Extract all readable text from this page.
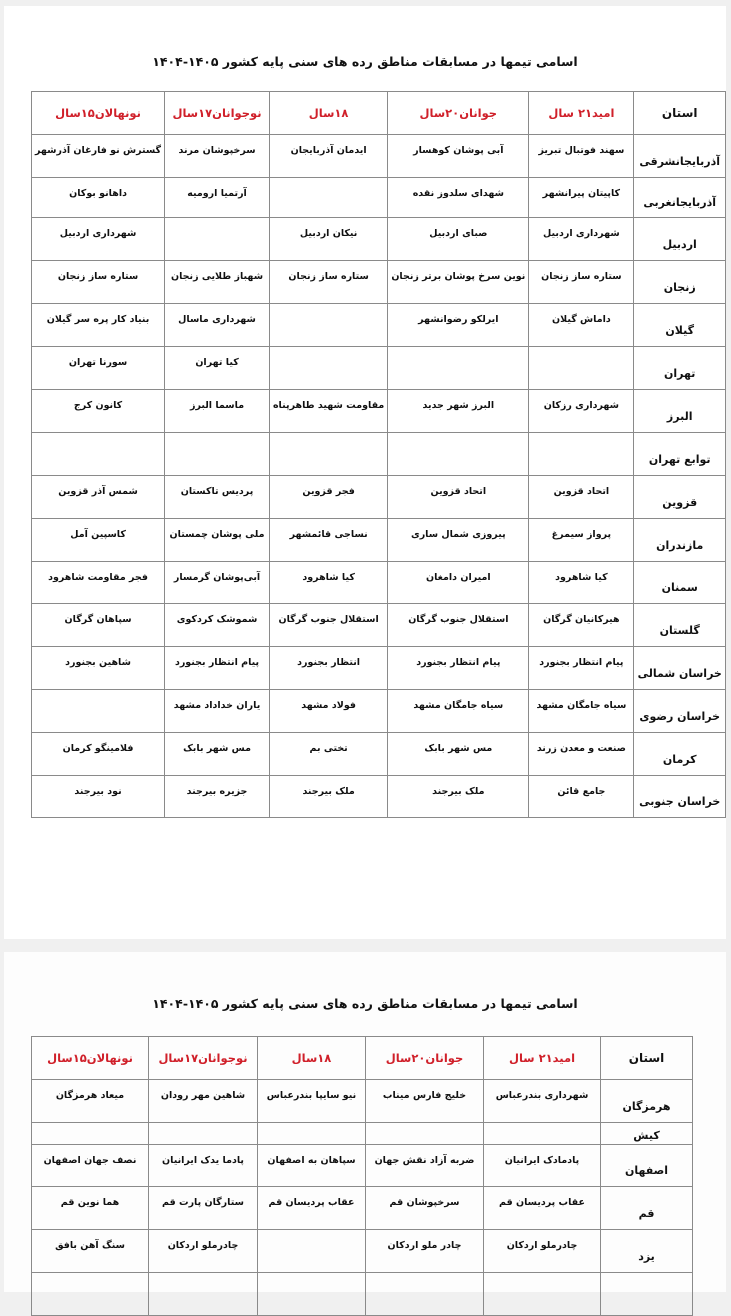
اسامی تیمها در مسابقات مناطق رده های سنی پایه کشور ۱۴۰۵-۱۴۰۴
استان	امید۲۱ سال	جوانان۲۰سال	۱۸سال	نوجوانان۱۷سال	نونهالان۱۵سال
آذربایجانشرقی	سهند فوتبال تبریز	آبی پوشان کوهسار	ایدمان آذربایجان	سرخپوشان مرند	گسترش نو فارغان آذرشهر
آذربایجانغربی	کاپیتان پیرانشهر	شهدای سلدوز نقده		آرتمیا ارومیه	داهانو بوکان
اردبیل	شهرداری اردبیل	صبای اردبیل	نیکان اردبیل		شهرداری اردبیل
زنجان	ستاره ساز زنجان	نوین سرخ پوشان برتر زنجان	ستاره ساز زنجان	شهباز طلایی زنجان	ستاره ساز زنجان
گیلان	داماش گیلان	ایرلکو رضوانشهر		شهرداری ماسال	بنیاد کار پره سر گیلان
تهران				کیا تهران	سورنا تهران
البرز	شهرداری رزکان	البرز شهر جدید	مقاومت شهید طاهرپناه	ماسما البرز	کانون کرج
توابع تهران					
قزوین	اتحاد قزوین	اتحاد قزوین	فجر قزوین	پردیس تاکستان	شمس آذر قزوین
مازندران	پرواز سیمرغ	پیروزی شمال ساری	نساجی قائمشهر	ملی پوشان چمستان	کاسپین آمل
سمنان	کیا شاهرود	امیران دامغان	کیا شاهرود	آبی‌پوشان گرمسار	فجر مقاومت شاهرود
گلستان	هیرکانیان گرگان	استقلال جنوب گرگان	استقلال جنوب گرگان	شموشک کردکوی	سپاهان گرگان
خراسان شمالی	پیام انتظار بجنورد	پیام انتظار بجنورد	انتظار بجنورد	پیام انتظار بجنورد	شاهین بجنورد
خراسان رضوی	سیاه جامگان مشهد	سیاه جامگان مشهد	فولاد مشهد	یاران خداداد مشهد	
کرمان	صنعت و معدن زرند	مس شهر بابک	تختی بم	مس شهر بابک	فلامینگو کرمان
خراسان جنوبی	جامع قائن	ملک بیرجند	ملک بیرجند	جزیره بیرجند	نود بیرجند
اسامی تیمها در مسابقات مناطق رده های سنی پایه کشور ۱۴۰۵-۱۴۰۴
استان	امید۲۱ سال	جوانان۲۰سال	۱۸سال	نوجوانان۱۷سال	نونهالان۱۵سال
هرمزگان	شهرداری بندرعباس	خلیج فارس میناب	نیو سایپا بندرعباس	شاهین مهر رودان	میعاد هرمزگان
کیش					
اصفهان	پادمادک ایرانیان	ضربه آزاد نقش جهان	سپاهان به اصفهان	پادما یدک ایرانیان	نصف جهان اصفهان
قم	عقاب پردیسان قم	سرخپوشان قم	عقاب پردیسان قم	ستارگان پارت قم	هما نوین قم
یزد	چادرملو اردکان	چادر ملو اردکان		چادرملو اردکان	سنگ آهن بافق
